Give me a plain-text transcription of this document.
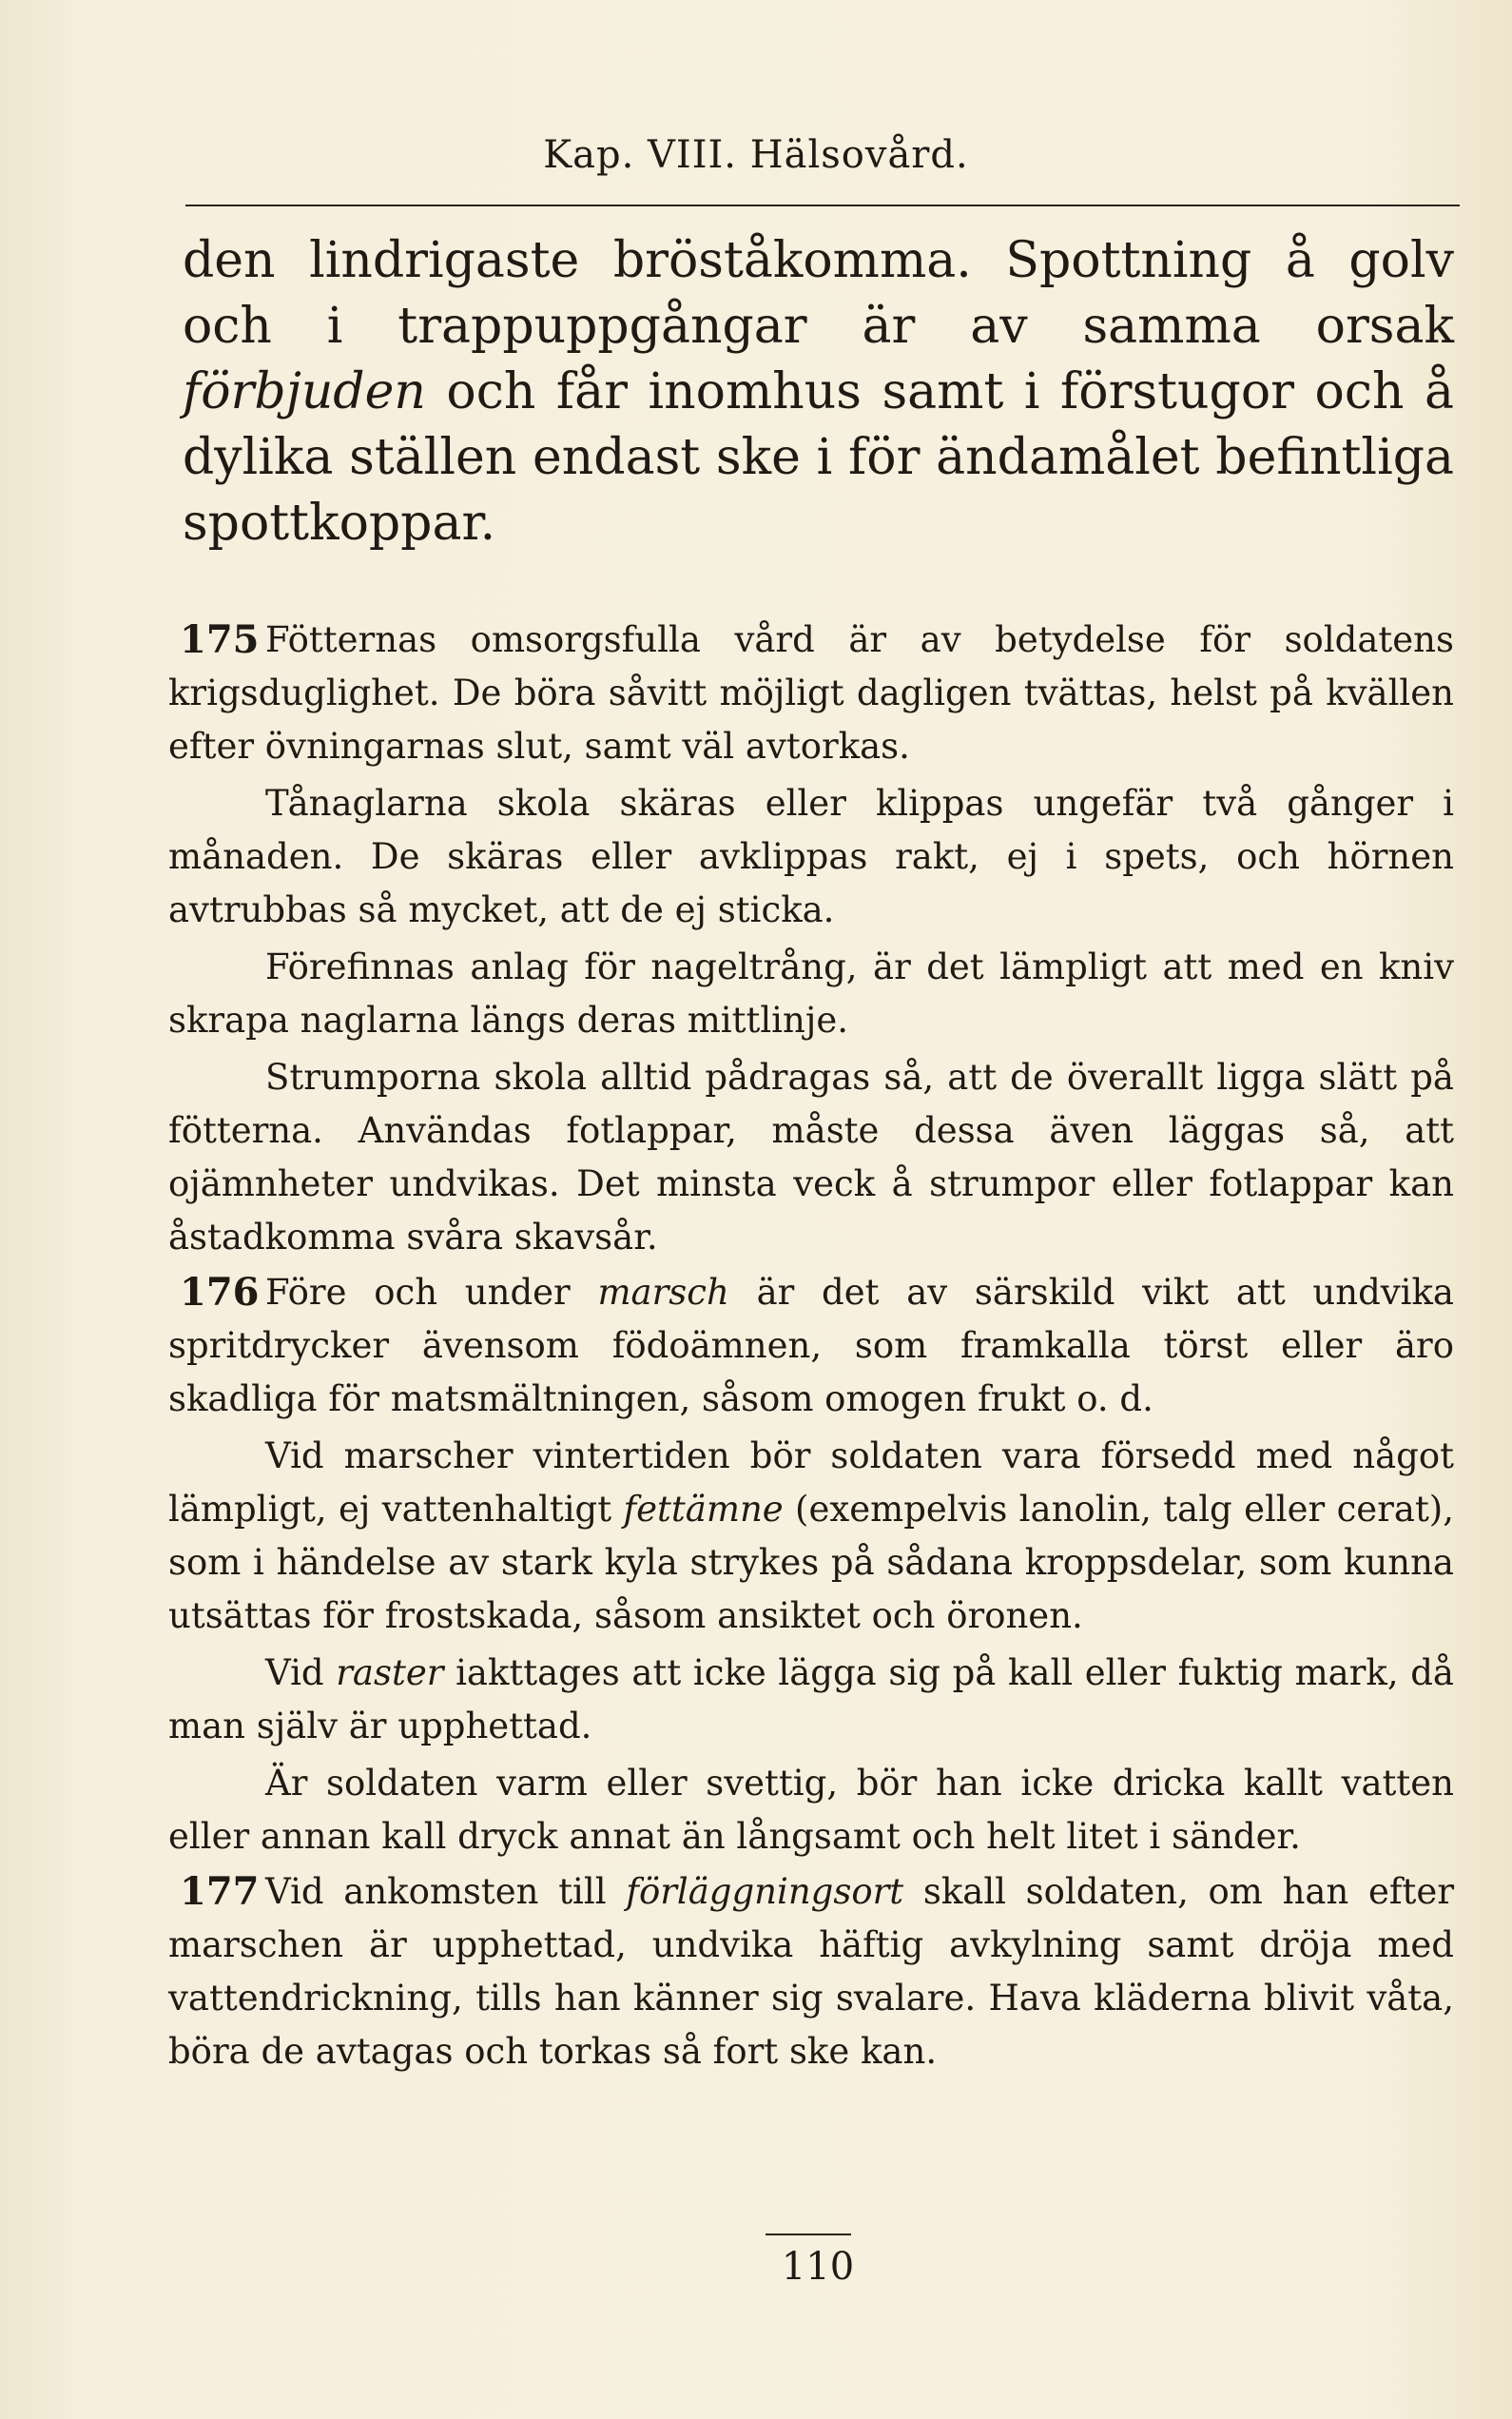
Kap. VIII. Hälsovård.

den lindrigaste bröståkomma. Spottning å golv och i trappuppgångar är av samma orsak förbjuden och får inomhus samt i förstugor och å dylika ställen endast ske i för ändamålet befintliga spottkoppar.

175 Fötternas omsorgsfulla vård är av betydelse för soldatens krigsduglighet. De böra såvitt möjligt dagligen tvättas, helst på kvällen efter övningarnas slut, samt väl avtorkas.

Tånaglarna skola skäras eller klippas ungefär två gånger i månaden. De skäras eller avklippas rakt, ej i spets, och hörnen avtrubbas så mycket, att de ej sticka.

Förefinnas anlag för nageltrång, är det lämpligt att med en kniv skrapa naglarna längs deras mittlinje.

Strumporna skola alltid pådragas så, att de överallt ligga slätt på fötterna. Användas fotlappar, måste dessa även läggas så, att ojämnheter undvikas. Det minsta veck å strumpor eller fotlappar kan åstadkomma svåra skavsår.

176 Före och under marsch är det av särskild vikt att undvika spritdrycker ävensom födoämnen, som framkalla törst eller äro skadliga för matsmältningen, såsom omogen frukt o. d.

Vid marscher vintertiden bör soldaten vara försedd med något lämpligt, ej vattenhaltigt fettämne (exempelvis lanolin, talg eller cerat), som i händelse av stark kyla strykes på sådana kroppsdelar, som kunna utsättas för frostskada, såsom ansiktet och öronen.

Vid raster iakttages att icke lägga sig på kall eller fuktig mark, då man själv är upphettad.

Är soldaten varm eller svettig, bör han icke dricka kallt vatten eller annan kall dryck annat än långsamt och helt litet i sänder.

177 Vid ankomsten till förläggningsort skall soldaten, om han efter marschen är upphettad, undvika häftig avkylning samt dröja med vattendrickning, tills han känner sig svalare. Hava kläderna blivit våta, böra de avtagas och torkas så fort ske kan.

110
